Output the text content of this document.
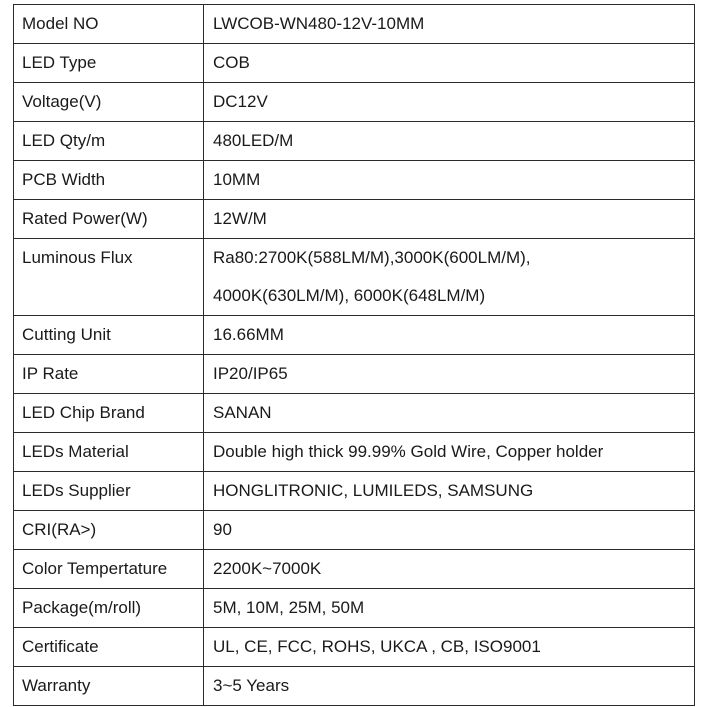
Model NO	LWCOB-WN480-12V-10MM
LED Type	COB
Voltage(V)	DC12V
LED Qty/m	480LED/M
PCB Width	10MM
Rated Power(W)	12W/M
Luminous Flux	Ra80:2700K(588LM/M),3000K(600LM/M),
4000K(630LM/M), 6000K(648LM/M)

Cutting Unit	16.66MM
IP Rate	IP20/IP65
LED Chip Brand	SANAN
LEDs Material	Double high thick 99.99% Gold Wire, Copper holder
LEDs Supplier	HONGLITRONIC, LUMILEDS, SAMSUNG
CRI(RA>)	90
Color Tempertature	2200K~7000K
Package(m/roll)	5M, 10M, 25M, 50M
Certificate	UL, CE, FCC, ROHS, UKCA , CB, ISO9001
Warranty	3~5 Years
